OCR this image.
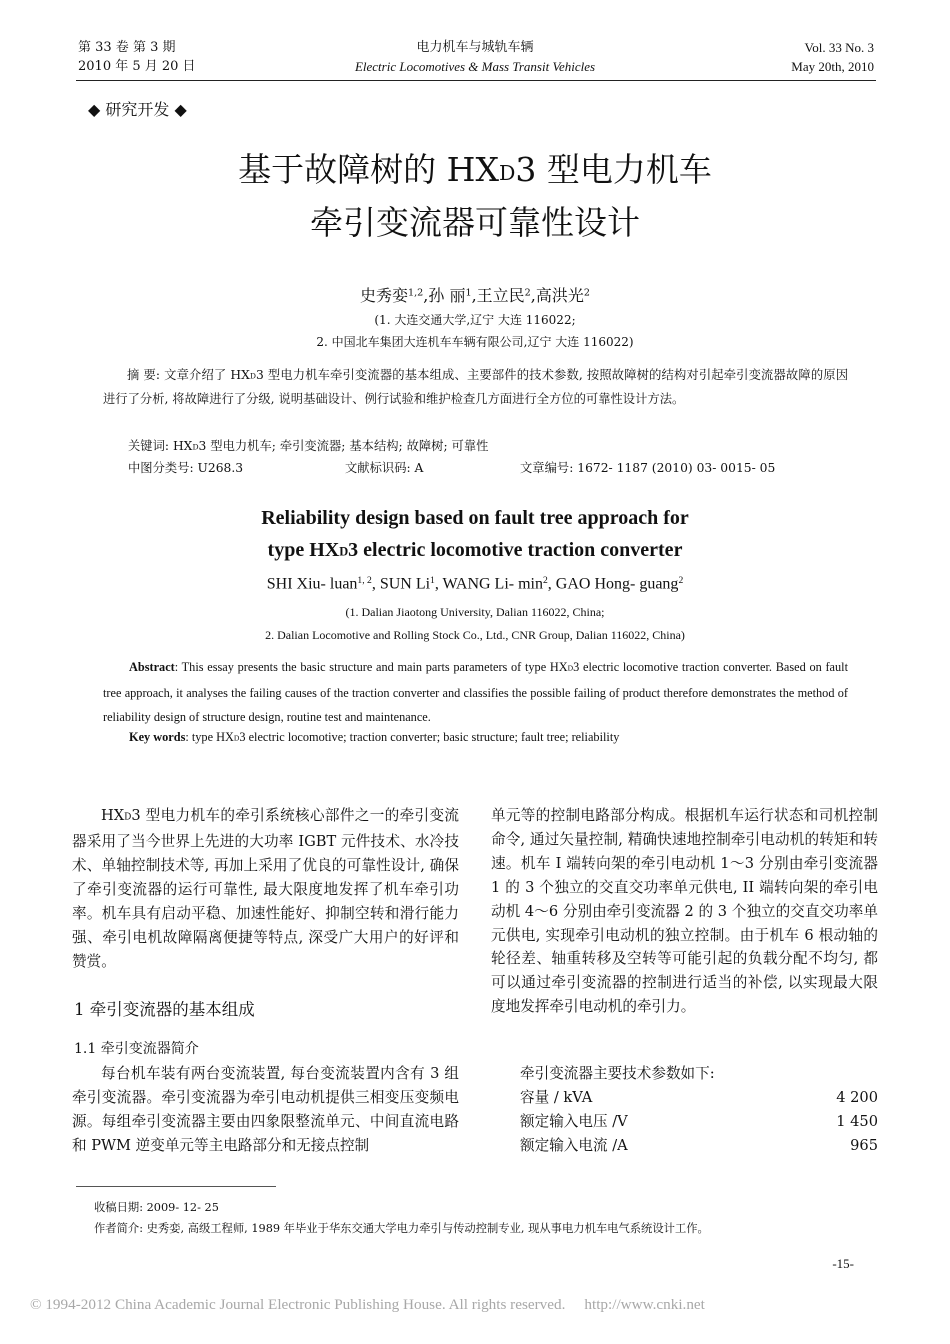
第 33 卷 第 3 期
2010 年 5 月 20 日
电力机车与城轨车辆
Electric Locomotives & Mass Transit Vehicles
Vol. 33 No. 3
May 20th, 2010
◆ 研究开发 ◆
基于故障树的 HXD3 型电力机车
牵引变流器可靠性设计
史秀娈$^{1,2}$,孙 丽$^1$,王立民$^2$,高洪光$^2$
(1. 大连交通大学,辽宁 大连 116022;
2. 中国北车集团大连机车车辆有限公司,辽宁 大连 116022)
摘 要: 文章介绍了 HXD3 型电力机车牵引变流器的基本组成、主要部件的技术参数, 按照故障树的结构对引起牵引变流器故障的原因进行了分析, 将故障进行了分级, 说明基础设计、例行试验和维护检查几方面进行全方位的可靠性设计方法。
关键词: HXD3 型电力机车; 牵引变流器; 基本结构; 故障树; 可靠性
中图分类号: U268.3	文献标识码: A	文章编号: 1672- 1187 (2010) 03- 0015- 05
Reliability design based on fault tree approach for
type HXD3 electric locomotive traction converter
SHI Xiu- luan$^{1, 2}$, SUN Li$^1$, WANG Li- $\min^2$, GAO Hong- guang$^2$
(1. Dalian Jiaotong University, Dalian 116022, China;
2. Dalian Locomotive and Rolling Stock Co., Ltd., CNR Group, Dalian 116022, China)
Abstract: This essay presents the basic structure and main parts parameters of type HXD3 electric locomotive traction converter. Based on fault tree approach, it analyses the failing causes of the traction converter and classifies the possible failing of product therefore demonstrates the method of reliability design of structure design, routine test and maintenance.
Key words: type HXD3 electric locomotive; traction converter; basic structure; fault tree; reliability
HXD3 型电力机车的牵引系统核心部件之一的牵引变流器采用了当今世界上先进的大功率 IGBT 元件技术、水冷技术、单轴控制技术等, 再加上采用了优良的可靠性设计, 确保了牵引变流器的运行可靠性, 最大限度地发挥了机车牵引功率。机车具有启动平稳、加速性能好、抑制空转和滑行能力强、牵引电机故障隔离便捷等特点, 深受广大用户的好评和赞赏。
1 牵引变流器的基本组成
1.1 牵引变流器简介
每台机车装有两台变流装置, 每台变流装置内含有 3 组牵引变流器。牵引变流器为牵引电动机提供三相变压变频电源。每组牵引变流器主要由四象限整流单元、中间直流电路和 PWM 逆变单元等主电路部分和无接点控制
单元等的控制电路部分构成。根据机车运行状态和司机控制命令, 通过矢量控制, 精确快速地控制牵引电动机的转矩和转速。机车 I 端转向架的牵引电动机 1～3 分别由牵引变流器 1 的 3 个独立的交直交功率单元供电, II 端转向架的牵引电动机 4～6 分别由牵引变流器 2 的 3 个独立的交直交功率单元供电, 实现牵引电动机的独立控制。由于机车 6 根动轴的轮径差、轴重转移及空转等可能引起的负载分配不均匀, 都可以通过牵引变流器的控制进行适当的补偿, 以实现最大限度地发挥牵引电动机的牵引力。
牵引变流器主要技术参数如下:
容量 / kVA	4 200
额定输入电压 /V	1 450
额定输入电流 /A	965
收稿日期: 2009- 12- 25
作者简介: 史秀娈, 高级工程师, 1989 年毕业于华东交通大学电力牵引与传动控制专业, 现从事电力机车电气系统设计工作。
-15-
© 1994-2012 China Academic Journal Electronic Publishing House. All rights reserved.     http://www.cnki.net
